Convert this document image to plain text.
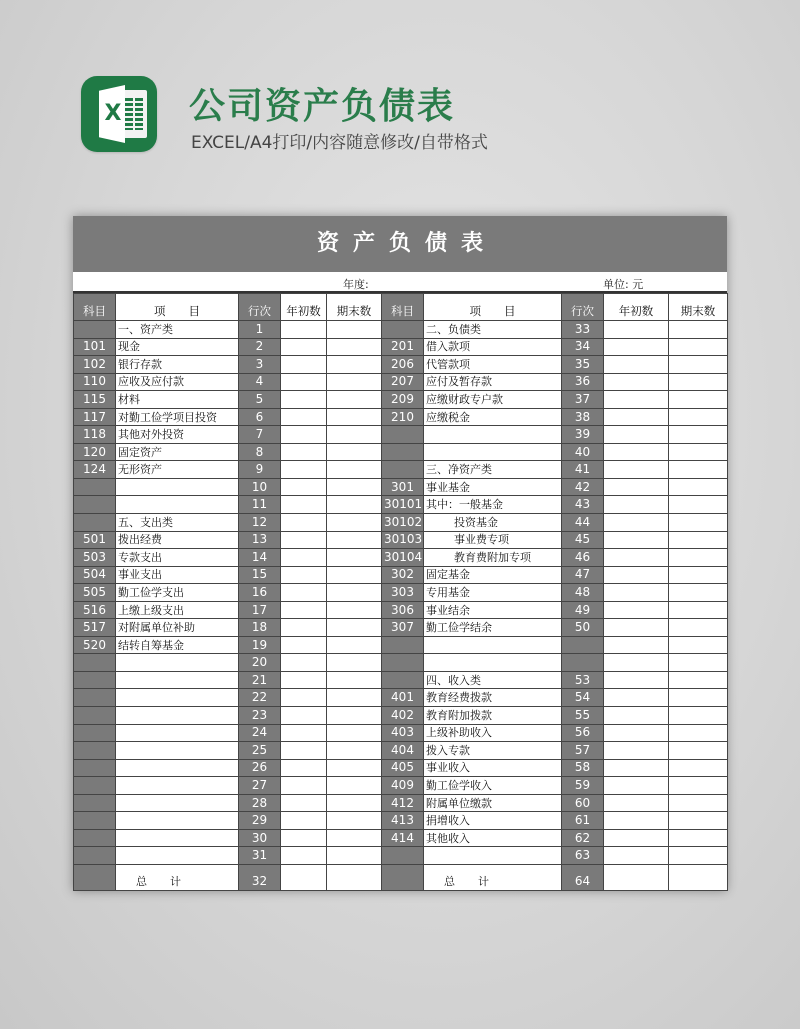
X 公司资产负债表
EXCEL/A4打印/内容随意修改/自带格式
资产负债表
年度:	单位: 元
科目	项　　目	行次	年初数	期末数	科目	项　　目	行次	年初数	期末数
	一、资产类	1				二、负债类	33		
101	现金	2			201	借入款项	34		
102	银行存款	3			206	代管款项	35		
110	应收及应付款	4			207	应付及暂存款	36		
115	材料	5			209	应缴财政专户款	37		
117	对勤工俭学项目投资	6			210	应缴税金	38		
118	其他对外投资	7					39		
120	固定资产	8					40		
124	无形资产	9				三、净资产类	41		
		10			301	事业基金	42		
		11			30101	其中：一般基金	43		
	五、支出类	12			30102	投资基金	44		
501	拨出经费	13			30103	事业费专项	45		
503	专款支出	14			30104	教育费附加专项	46		
504	事业支出	15			302	固定基金	47		
505	勤工俭学支出	16			303	专用基金	48		
516	上缴上级支出	17			306	事业结余	49		
517	对附属单位补助	18			307	勤工俭学结余	50		
520	结转自筹基金	19							
		20							
		21				四、收入类	53		
		22			401	教育经费拨款	54		
		23			402	教育附加拨款	55		
		24			403	上级补助收入	56		
		25			404	拨入专款	57		
		26			405	事业收入	58		
		27			409	勤工俭学收入	59		
		28			412	附属单位缴款	60		
		29			413	捐增收入	61		
		30			414	其他收入	62		
		31					63		
	总 计	32				总 计	64		
